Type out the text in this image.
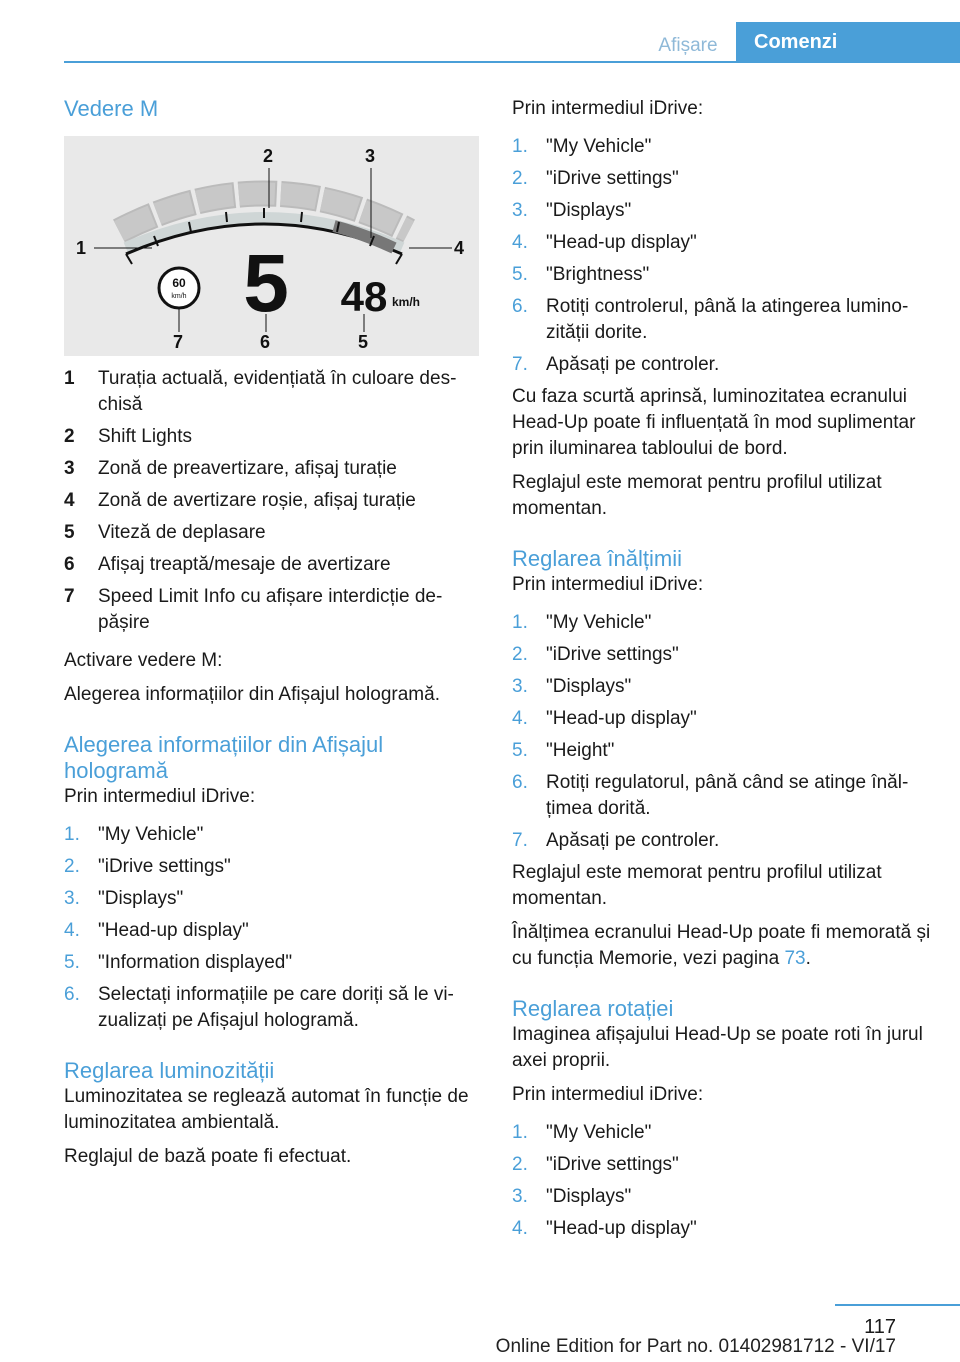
Afișare	Comenzi
Vedere M
1
2	3
4
5
6
7
60
km/h 5 48 km/h
1	Turația actuală, evidențiată în culoare deschisă
2	Shift Lights
3	Zonă de preavertizare, afișaj turație
4	Zonă de avertizare roșie, afișaj turație
5	Viteză de deplasare
6	Afișaj treaptă/mesaje de avertizare
7	Speed Limit Info cu afișare interdicție depășire

Activare vedere M:

Alegerea informațiilor din Afișajul hologramă.

Alegerea informațiilor din Afișajul hologramă

Prin intermediul iDrive:

1. "My Vehicle"
2. "iDrive settings"
3. "Displays"
4. "Head-up display"
5. "Information displayed"
6. Selectați informațiile pe care doriți să le vizualizați pe Afișajul hologramă.
Reglarea luminozității

Luminozitatea se reglează automat în funcție de luminozitatea ambientală.

Reglajul de bază poate fi efectuat.

Prin intermediul iDrive:

1. "My Vehicle"
2. "iDrive settings"
3. "Displays"
4. "Head-up display"
5. "Brightness"
6. Rotiți controlerul, până la atingerea luminozității dorite.
7. Apăsați pe controler.

Cu faza scurtă aprinsă, luminozitatea ecranului Head-Up poate fi influențată în mod suplimentar prin iluminarea tabloului de bord.

Reglajul este memorat pentru profilul utilizat momentan.

Reglarea înălțimii

Prin intermediul iDrive:

1. "My Vehicle"
2. "iDrive settings"
3. "Displays"
4. "Head-up display"
5. "Height"
6. Rotiți regulatorul, până când se atinge înălțimea dorită.
7. Apăsați pe controler.

Reglajul este memorat pentru profilul utilizat momentan.

Înălțimea ecranului Head-Up poate fi memorată și cu funcția Memorie, vezi pagina 73.

Reglarea rotației

Imaginea afișajului Head-Up se poate roti în jurul axei proprii.

Prin intermediul iDrive:

1. "My Vehicle"
2. "iDrive settings"
3. "Displays"
4. "Head-up display"
117
Online Edition for Part no. 01402981712 - VI/17
